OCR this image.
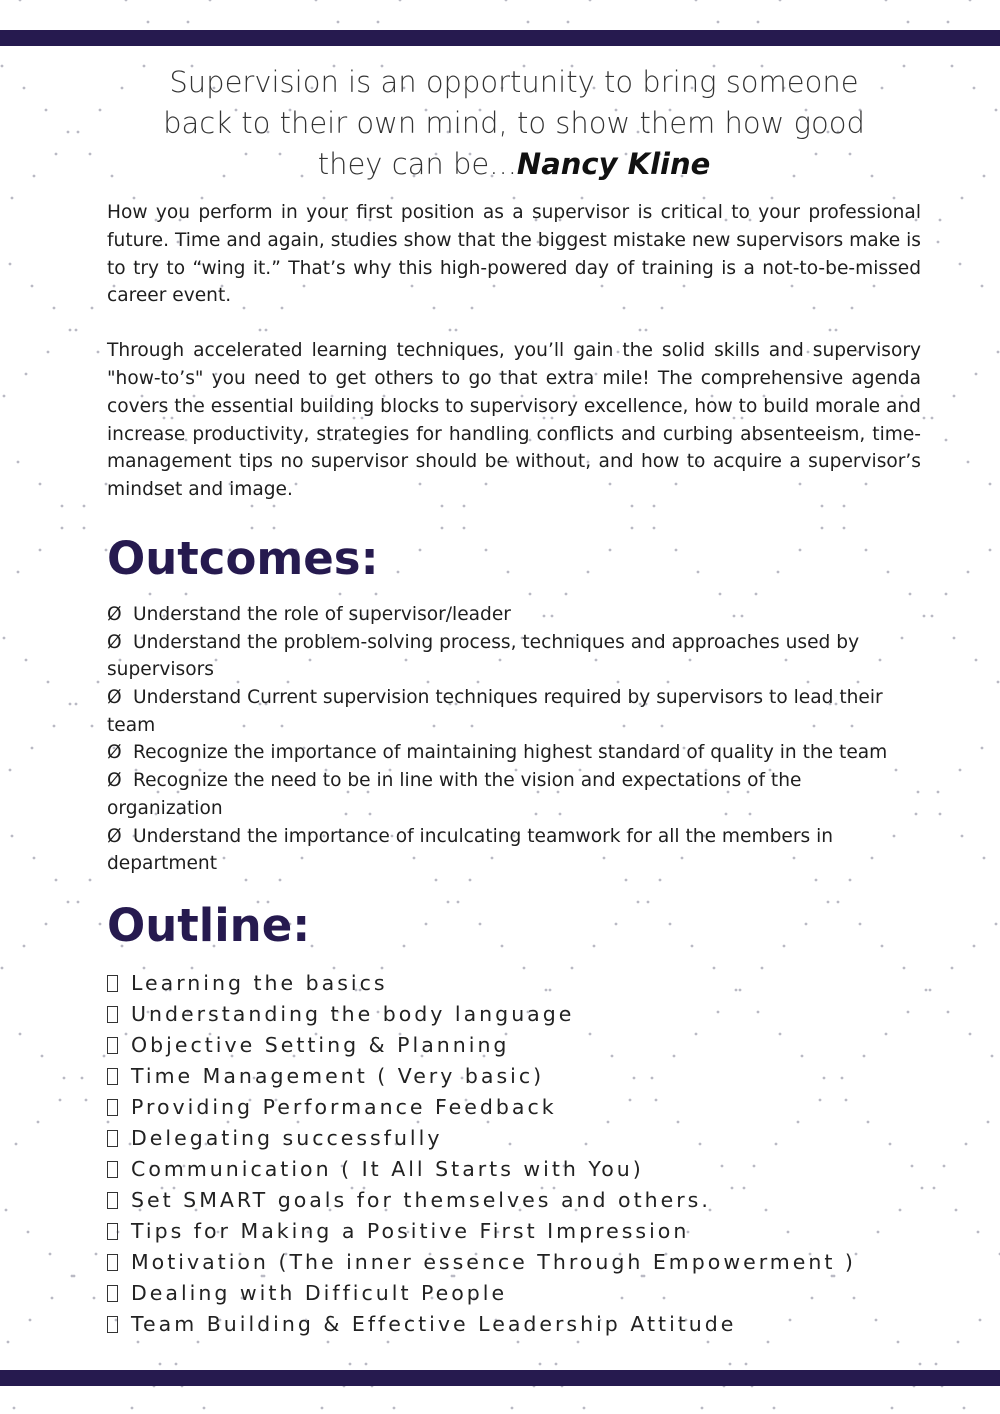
Supervision is an opportunity to bring someone back to their own mind, to show them how good they can be...Nancy Kline

How you perform in your first position as a supervisor is critical to your professional future. Time and again, studies show that the biggest mistake new supervisors make is to try to “wing it.” That’s why this high-powered day of training is a not-to-be-missed career event.

Through accelerated learning techniques, you’ll gain the solid skills and supervisory "how-to’s" you need to get others to go that extra mile! The comprehensive agenda covers the essential building blocks to supervisory excellence, how to build morale and increase productivity, strategies for handling conflicts and curbing absenteeism, time-management tips no supervisor should be without, and how to acquire a supervisor’s mindset and image.

Outcomes:
Ø Understand the role of supervisor/leader
Ø Understand the problem-solving process, techniques and approaches used by supervisors
Ø Understand Current supervision techniques required by supervisors to lead their team
Ø Recognize the importance of maintaining highest standard of quality in the team
Ø Recognize the need to be in line with the vision and expectations of the organization
Ø Understand the importance of inculcating teamwork for all the members in department
Outline:
Learning the basics
Understanding the body language
Objective Setting & Planning
Time Management ( Very basic)
Providing Performance Feedback
Delegating successfully
Communication ( It All Starts with You)
Set SMART goals for themselves and others.
Tips for Making a Positive First Impression
Motivation (The inner essence Through Empowerment )
Dealing with Difficult People
Team Building & Effective Leadership Attitude
